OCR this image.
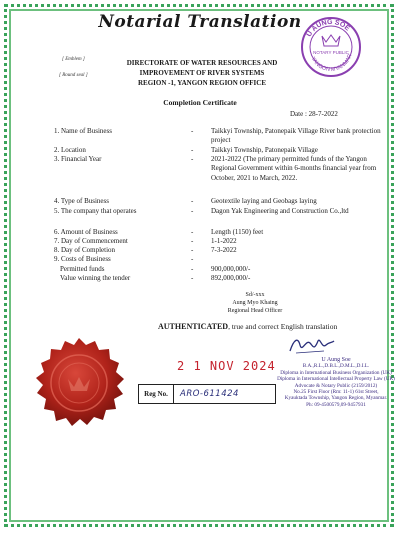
Notarial Translation
[ Emblem ]
[ Round seal ]
DIRECTORATE OF WATER RESOURCES AND
IMPROVEMENT OF RIVER SYSTEMS
REGION -1, YANGON REGION OFFICE
U AUNG SOE
YANGON MYANMAR
NOTARY PUBLIC
Completion Certificate
Date : 28-7-2022
1. Name of Business	-	Taikkyi Township, Patonepaik Village River bank protection project
2. Location	-	Taikkyi Township, Patonepaik Village
3. Financial Year	-	2021-2022 (The primary permitted funds of the Yangon Regional Government within 6-months financial year from October, 2021 to March, 2022.
4. Type of Business	-	Geotextile laying and Geobags laying
5. The company that operates	-	Dagon Yak Engineering and Construction Co.,ltd
6. Amount of Business	-	Length (1150) feet
7. Day of Commencement	-	1-1-2022
8. Day of Completion	-	7-3-2022
9. Costs of Business	-
Permitted funds	-	900,000,000/-
Value winning the tender	-	892,000,000/-
Sd/-xxx
Aung Myo Khaing
Regional Head Officer
AUTHENTICATED, true and correct English translation
2 1 NOV 2024
Reg No.	ARO-611424
U Aung Soe
B.A.,R.L.,D.B.L.,D.M.L.,D.I.L.
Diploma in International Business Organization (UK)
Diploma in International Intellectual Property Law (UK)
Advocate & Notary Public (2159/2012)
No.25 First Floor (Rm: 11-1) 61st Street,
Kyauktada Township, Yangon Region, Myanmar.
Ph: 09-4500579,09-9457931
